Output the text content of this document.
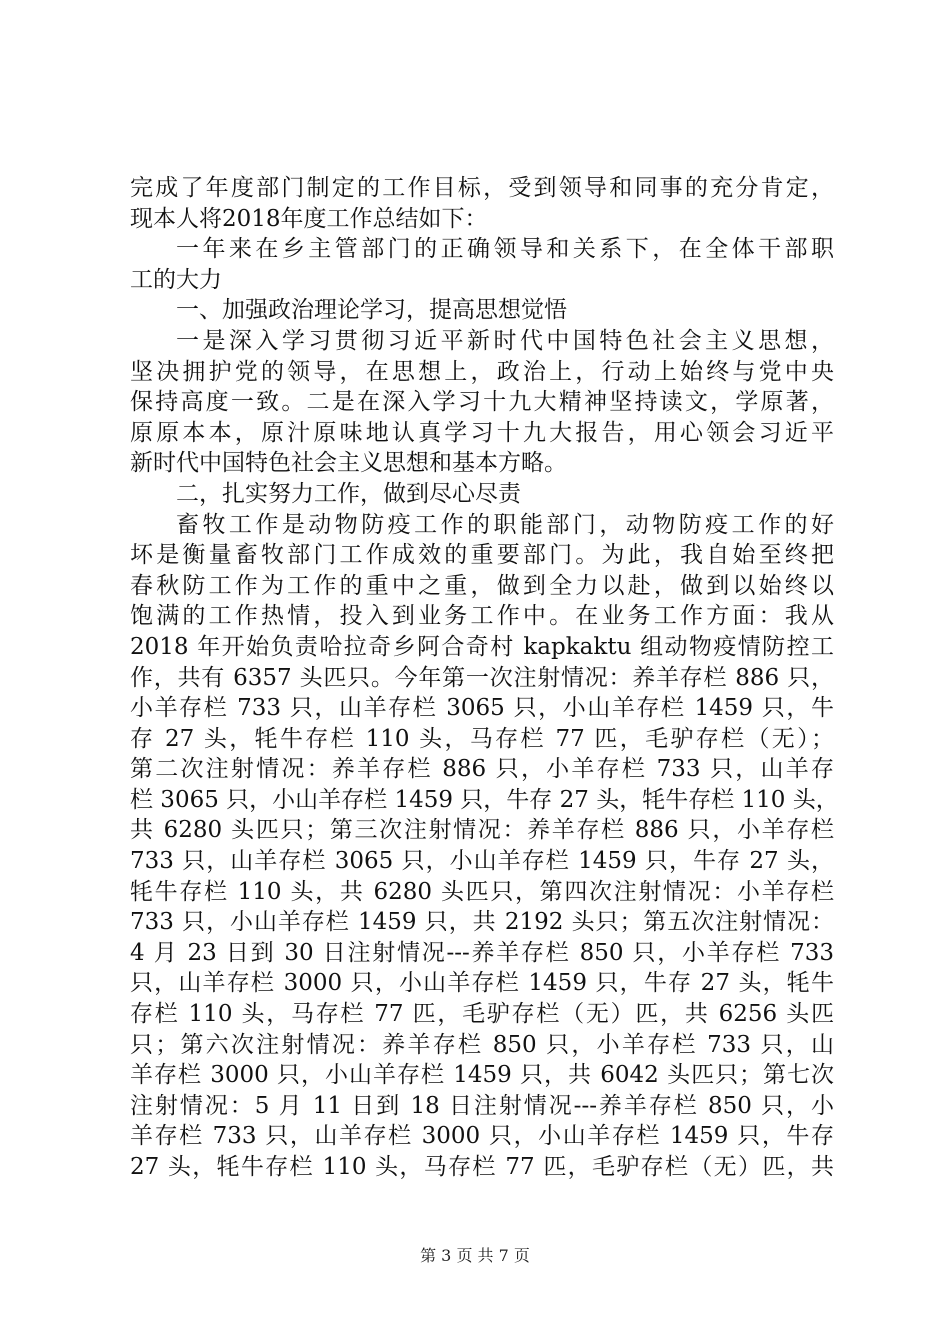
完成了年度部门制定的工作目标，受到领导和同事的充分肯定，
现本人将2018年度工作总结如下：
一年来在乡主管部门的正确领导和关系下，在全体干部职
工的大力
一、加强政治理论学习，提高思想觉悟
一是深入学习贯彻习近平新时代中国特色社会主义思想，
坚决拥护党的领导，在思想上，政治上，行动上始终与党中央
保持高度一致。二是在深入学习十九大精神坚持读文，学原著，
原原本本，原汁原味地认真学习十九大报告，用心领会习近平
新时代中国特色社会主义思想和基本方略。
二，扎实努力工作，做到尽心尽责
畜牧工作是动物防疫工作的职能部门，动物防疫工作的好
坏是衡量畜牧部门工作成效的重要部门。为此，我自始至终把
春秋防工作为工作的重中之重，做到全力以赴，做到以始终以
饱满的工作热情，投入到业务工作中。在业务工作方面：我从
2018 年开始负责哈拉奇乡阿合奇村 kapkaktu 组动物疫情防控工
作，共有 6357 头匹只。今年第一次注射情况：养羊存栏 886 只，
小羊存栏 733 只，山羊存栏 3065 只，小山羊存栏 1459 只，牛
存 27 头，牦牛存栏 110 头，马存栏 77 匹，毛驴存栏（无）；
第二次注射情况：养羊存栏 886 只，小羊存栏 733 只，山羊存
栏 3065 只，小山羊存栏 1459 只，牛存 27 头，牦牛存栏 110 头，
共 6280 头匹只；第三次注射情况：养羊存栏 886 只，小羊存栏
733 只，山羊存栏 3065 只，小山羊存栏 1459 只，牛存 27 头，
牦牛存栏 110 头，共 6280 头匹只，第四次注射情况：小羊存栏
733 只，小山羊存栏 1459 只，共 2192 头只；第五次注射情况：
4 月 23 日到 30 日注射情况---养羊存栏 850 只，小羊存栏 733
只，山羊存栏 3000 只，小山羊存栏 1459 只，牛存 27 头，牦牛
存栏 110 头，马存栏 77 匹，毛驴存栏（无）匹，共 6256 头匹
只；第六次注射情况：养羊存栏 850 只，小羊存栏 733 只，山
羊存栏 3000 只，小山羊存栏 1459 只，共 6042 头匹只；第七次
注射情况：5 月 11 日到 18 日注射情况---养羊存栏 850 只，小
羊存栏 733 只，山羊存栏 3000 只，小山羊存栏 1459 只，牛存
27 头，牦牛存栏 110 头，马存栏 77 匹，毛驴存栏（无）匹，共
第 3 页 共 7 页
